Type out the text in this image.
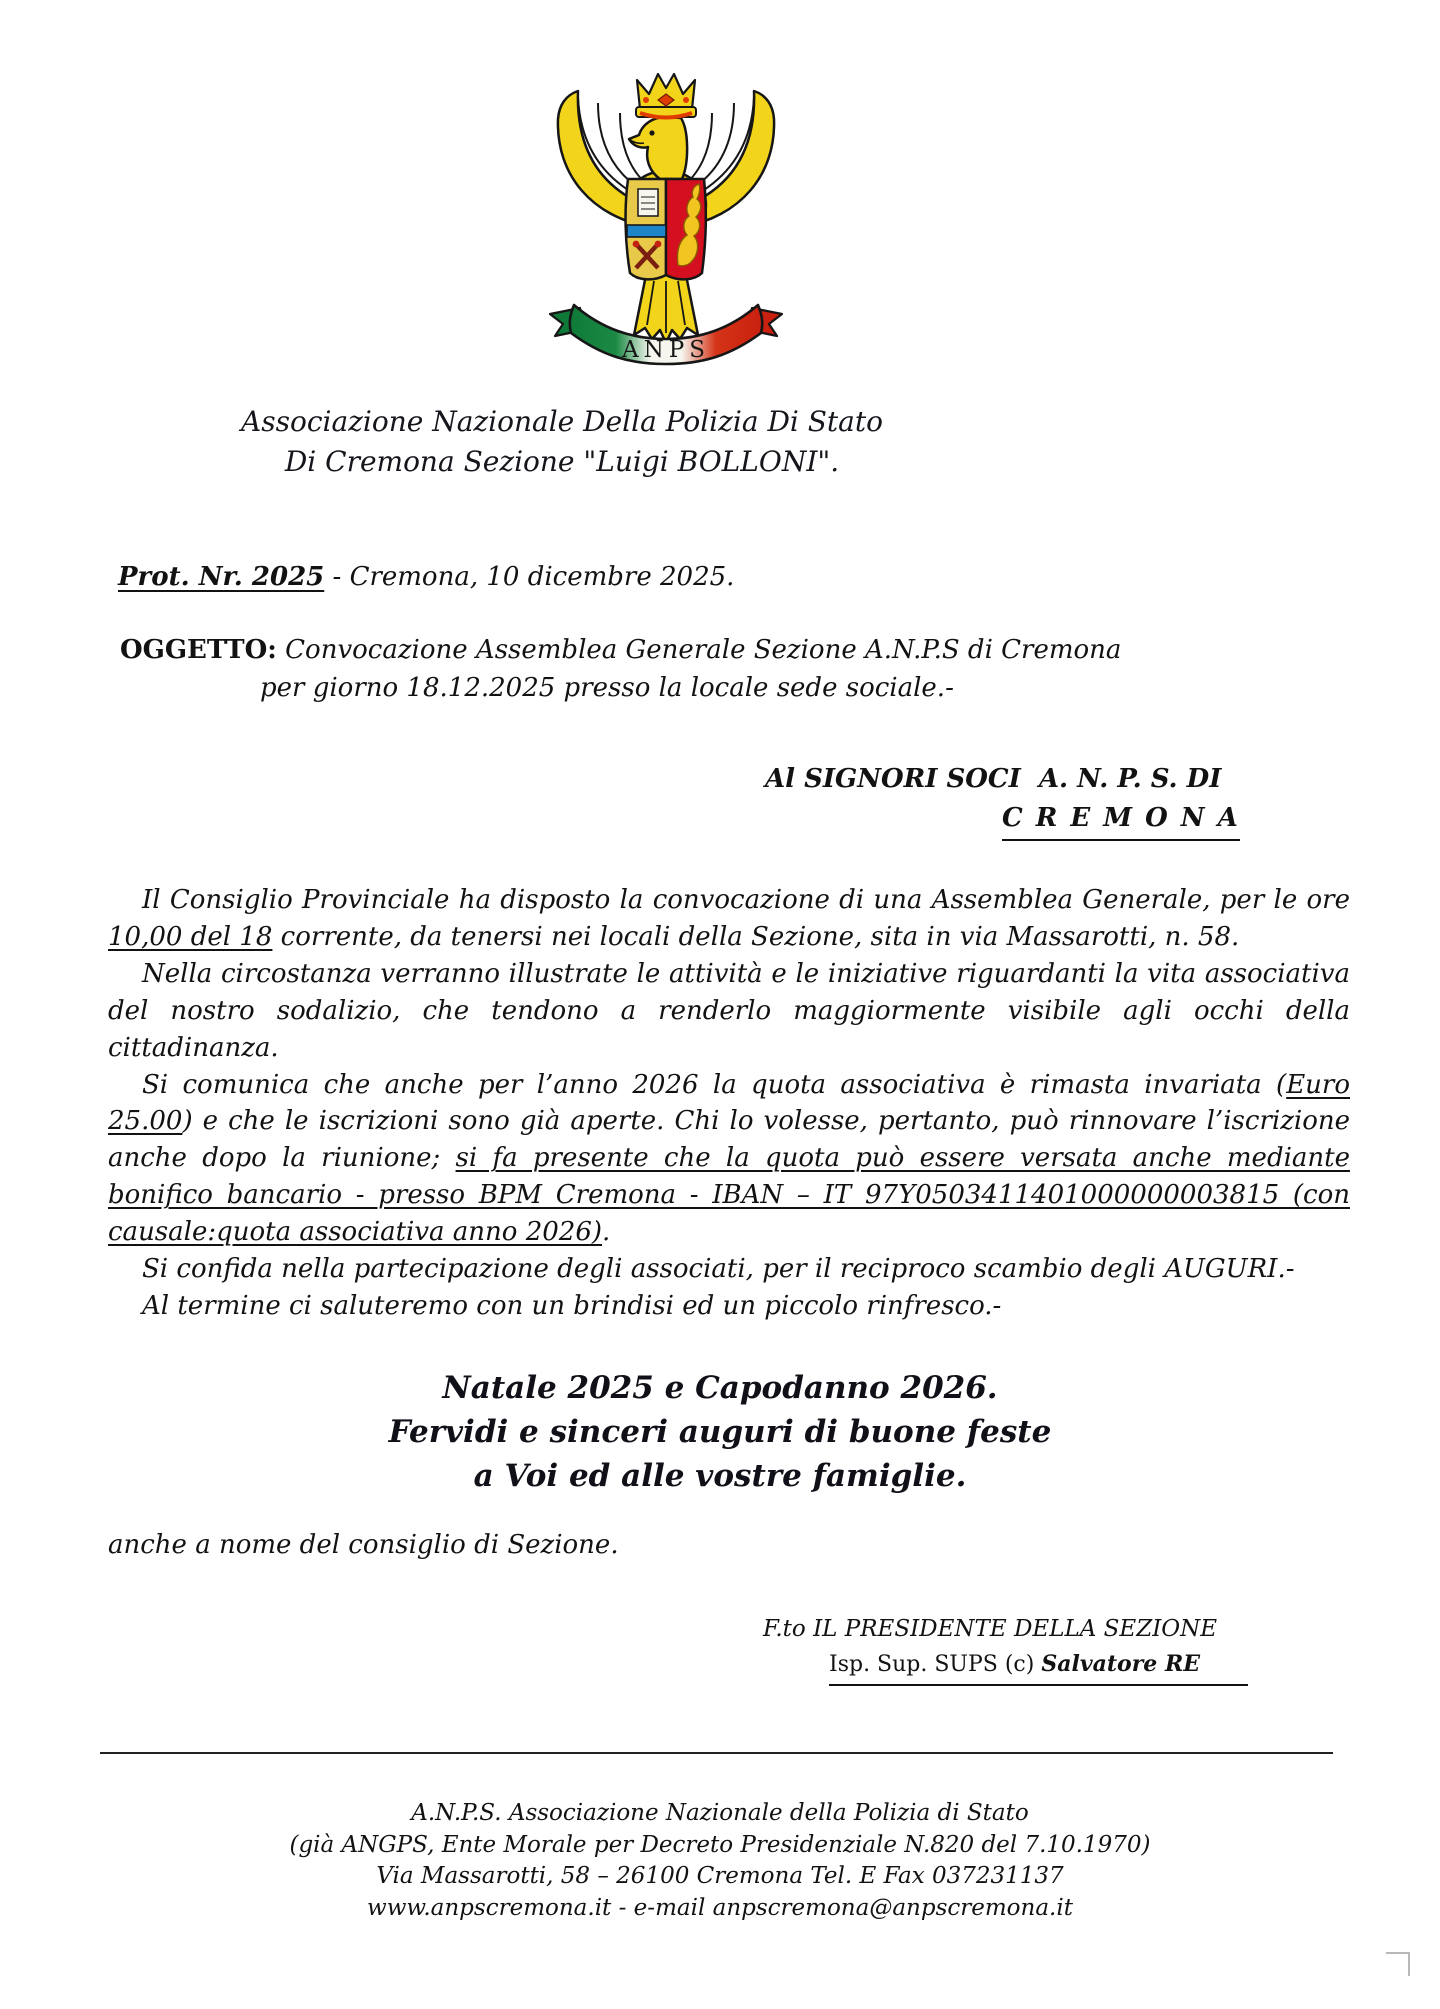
ANPS
Associazione Nazionale Della Polizia Di Stato
Di Cremona Sezione "Luigi BOLLONI".

Prot. Nr. 2025 - Cremona, 10 dicembre 2025.

OGGETTO: Convocazione Assemblea Generale Sezione A.N.P.S di Cremona
per giorno 18.12.2025 presso la locale sede sociale.-

Al SIGNORI SOCI  A. N. P. S. DI
C R E M O N A

Il Consiglio Provinciale ha disposto la convocazione di una Assemblea Generale, per le ore 10,00 del 18 corrente, da tenersi nei locali della Sezione, sita in via Massarotti, n. 58.

Nella circostanza verranno illustrate le attività e le iniziative riguardanti la vita associativa del nostro sodalizio, che tendono a renderlo maggiormente visibile agli occhi della cittadinanza.

Si comunica che anche per l’anno 2026 la quota associativa è rimasta invariata (Euro 25.00) e che le iscrizioni sono già aperte. Chi lo volesse, pertanto, può rinnovare l’iscrizione anche dopo la riunione; si fa presente che la quota può essere versata anche mediante bonifico bancario - presso BPM Cremona - IBAN – IT 97Y0503411401000000003815 (con causale:quota associativa anno 2026).

Si confida nella partecipazione degli associati, per il reciproco scambio degli AUGURI.-

Al termine ci saluteremo con un brindisi ed un piccolo rinfresco.-

Natale 2025 e Capodanno 2026.
Fervidi e sinceri auguri di buone feste
a Voi ed alle vostre famiglie.

anche a nome del consiglio di Sezione.

F.to IL PRESIDENTE DELLA SEZIONE
Isp. Sup. SUPS (c) Salvatore RE
A.N.P.S. Associazione Nazionale della Polizia di Stato
(già ANGPS, Ente Morale per Decreto Presidenziale N.820 del 7.10.1970)
Via Massarotti, 58 – 26100 Cremona Tel. E Fax 037231137
www.anpscremona.it - e-mail anpscremona@anpscremona.it
